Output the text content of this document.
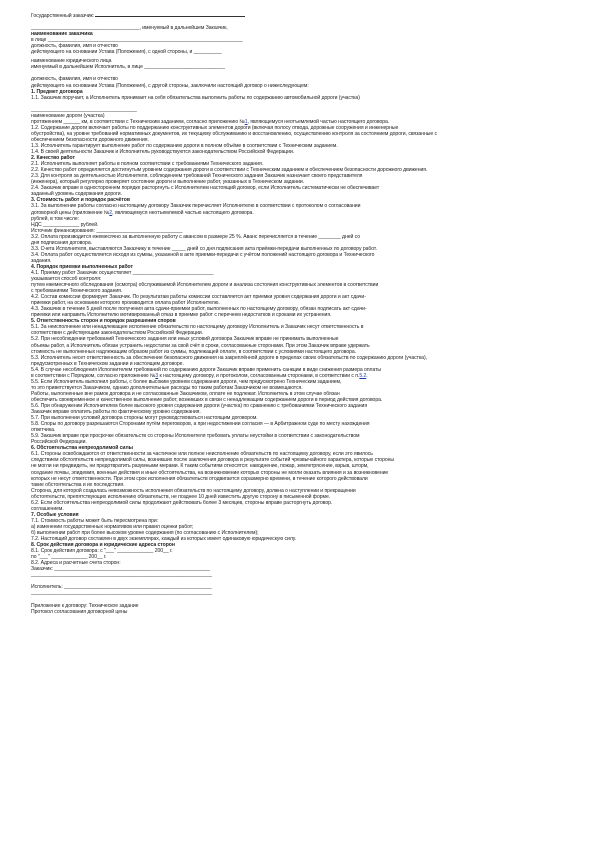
Государственный заказчик:
_______________________________________, именуемый в дальнейшем Заказчик,
наименование заказчика
в лице ______________________________________________________________________
должность, фамилия, имя и отчество
действующего на основании Устава (Положения), с одной стороны, и __________
наименование юридического лица
именуемый в дальнейшем Исполнитель, в лице _____________________________
должность, фамилия, имя и отчество
действующего на основании Устава (Положения), с другой стороны, заключили настоящий договор о нижеследующем:
1. Предмет договора
1.1. Заказчик поручает, а Исполнитель принимает на себя обязательства выполнить работы по содержанию автомобильной дороги (участка)
______________________________________
наименование дороги (участка)
протяжением ______ км, в соответствии с Техническим заданием, согласно приложению №1, являющемуся неотъемлемой частью настоящего договора.
1.2. Содержание дороги включает работы по поддержанию конструктивных элементов дороги (включая полосу отвода, дорожные сооружения и инженерные
обустройства), на уровне требований нормативных документов, их текущему обслуживанию и восстановлению, осуществлению контроля за состоянием дороги, связанные с
обеспечением безопасности дорожного движения.
1.3. Исполнитель гарантирует выполнение работ по содержанию дороги в полном объёме в соответствии с Техническим заданием.
1.4. В своей деятельности Заказчик и Исполнитель руководствуются законодательством Российской Федерации.
2. Качество работ
2.1. Исполнитель выполняет работы в полном соответствии с требованиями Технического задания.
2.2. Качество работ определяется достигнутым уровнем содержания дороги в соответствии с Техническим заданием и обеспечением безопасности дорожного движения.
2.3. Для контроля за деятельностью Исполнителя, соблюдением требований Технического задания Заказчик назначает своего представителя
(инженера), который регулярно проверяет состояние дороги и выполнение работ, указанных в Техническом задании.
2.4. Заказчик вправе в одностороннем порядке расторгнуть с Исполнителем настоящий договор, если Исполнитель систематически не обеспечивает
заданный уровень содержания дороги.
3. Стоимость работ и порядок расчётов
3.1. За выполнение работы согласно настоящему договору Заказчик перечисляет Исполнителю в соответствии с протоколом о согласовании
договорной цены (приложение №2, являющемуся неотъемлемой частью настоящего договора.
рублей, в том числе:
НДС _____________ рублей.
Источник финансирования: _______________________________
3.2. Оплата производится ежемесячно за выполненную работу с авансом в размере 25 %. Аванс перечисляется в течение ________ дней со
дня подписания договора.
3.3. Счета Исполнителя, выставляются Заказчику в течение _____ дней со дня подписания акта приёмки-передачи выполненных по договору работ.
3.4. Оплата работ осуществляется исходя из суммы, указанной в акте приемки-передачи с учётом положений настоящего договора и Технического
задания.
4. Порядок приемки выполненных работ
4.1. Приемку работ Заказчик осуществляет _____________________________
указывается способ контроля:
путем ежемесячного обследования (осмотра) обслуживаемой Исполнителем дороги и анализа состояния конструктивных элементов в соответствии
с требованиями Технического задания.
4.2. Состав комиссии формирует Заказчик. По результатам работы комиссии составляется акт приемки уровня содержания дороги и акт сдачи-
приемки работ, на основании которого производится оплата работ Исполнителю.
4.3. Заказчик в течение 5 дней после получения акта сдачи-приемки работ, выполненных по настоящему договору, обязан подписать акт сдачи-
приемки или направить Исполнителю мотивированный отказ в приемке работ с перечнем недостатков и сроками их устранения.
5. Ответственность сторон и порядок разрешения споров
5.1. За неисполнение или ненадлежащее исполнение обязательств по настоящему договору Исполнитель и Заказчик несут ответственность в
соответствии с действующим законодательством Российской Федерации.
5.2. При несоблюдении требований Технического задания или иных условий договора Заказчик вправе не принимать выполненные
объемы работ, а Исполнитель обязан устранить недостатки за свой счёт в сроки, согласованные сторонами. При этом Заказчик вправе удержать
стоимость не выполненных надлежащим образом работ из суммы, подлежащей оплате, в соответствии с условиями настоящего договора.
5.3. Исполнитель несет ответственность за обеспечение безопасного движения на закреплённой дороге в пределах своих обязательств по содержанию дороги (участка),
предусмотренных в Техническом задании и настоящем договоре.
5.4. В случае несоблюдения Исполнителем требований по содержанию дороги Заказчик вправе применить санкции в виде снижения размера оплаты
в соответствии с Порядком, согласно приложению №3 к настоящему договору, и протоколом, согласованным сторонами, в соответствии с п.5.2.
5.5. Если Исполнитель выполнил работы, с более высоким уровнем содержания дороги, чем предусмотрено Техническим заданием,
то это приветствуется Заказчиком, однако дополнительные расходы по таким работам Заказчиком не возмещаются.
Работы, выполненные вне рамок договора и не согласованные Заказчиком, оплате не подлежат. Исполнитель в этом случае обязан
обеспечить своевременное и качественное выполнение работ, возникших в связи с ненадлежащим содержанием дороги в период действия договора.
5.6. При обнаружении Исполнителем более высокого уровня содержания дороги (участка) по сравнению с требованиями Технического задания
Заказчик вправе оплатить работы по фактическому уровню содержания.
5.7. При выполнении условий договора стороны могут руководствоваться настоящим договором.
5.8. Споры по договору разрешаются Сторонами путём переговоров, а при недостижении согласия — в Арбитражном суде по месту нахождения
ответчика.
5.9. Заказчик вправе при просрочке обязательств со стороны Исполнителя требовать уплаты неустойки в соответствии с законодательством
Российской Федерации.
6. Обстоятельства непреодолимой силы
6.1. Стороны освобождаются от ответственности за частичное или полное неисполнение обязательств по настоящему договору, если это явилось
следствием обстоятельств непреодолимой силы, возникших после заключения договора в результате событий чрезвычайного характера, которые стороны
не могли ни предвидеть, ни предотвратить разумными мерами. К таким событиям относятся: наводнение, пожар, землетрясение, взрыв, шторм,
оседание почвы, эпидемия, военные действия и иные обстоятельства, на возникновение которых стороны не могли оказать влияния и за возникновение
которых не несут ответственности. При этом срок исполнения обязательств отодвигается соразмерно времени, в течение которого действовали
такие обстоятельства и их последствия.
Сторона, для которой создалась невозможность исполнения обязательств по настоящему договору, должна о наступлении и прекращении
обстоятельств, препятствующих исполнению обязательств, не позднее 10 дней известить другую сторону в письменной форме.
6.2. Если обстоятельства непреодолимой силы продолжают действовать более 3 месяцев, стороны вправе расторгнуть договор.
соглашением.
7. Особые условия
7.1. Стоимость работы может быть пересмотрена при:
а) изменении государственных нормативов или правил оценки работ;
б) выполнении работ при более высоком уровне содержания (по согласованию с Исполнителем);
7.2. Настоящий договор составлен в двух экземплярах, каждый из которых имеет одинаковую юридическую силу.
8. Срок действия договора и юридические адреса сторон
8.1. Срок действия договора: с "___" _____________ 200__ г.
по "___" _____________ 200__ г.
8.2. Адреса и расчетные счета сторон:
Заказчик: ________________________________________________________
_________________________________________________________________
Исполнитель: _____________________________________________________
_________________________________________________________________
Приложение к договору: Техническое задание
Протокол согласования договорной цены
